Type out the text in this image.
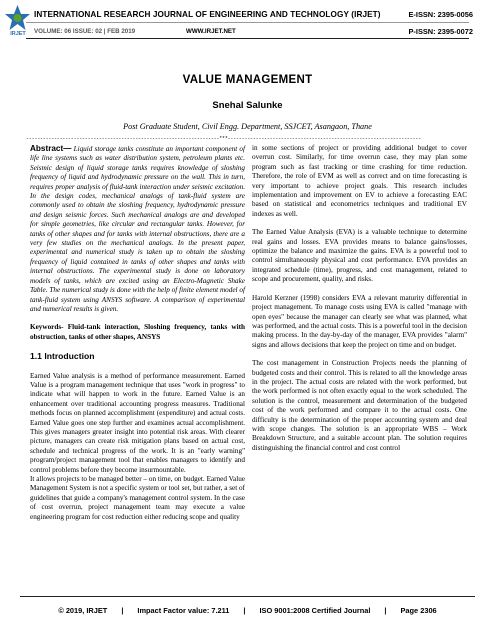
IRJET
INTERNATIONAL RESEARCH JOURNAL OF ENGINEERING AND TECHNOLOGY (IRJET)	E-ISSN: 2395-0056
VOLUME: 06 ISSUE: 02 | FEB 2019	WWW.IRJET.NET	P-ISSN: 2395-0072
VALUE MANAGEMENT
Snehal Salunke
Post Graduate Student, Civil Engg. Department, SSJCET, Asangaon, Thane
---------------------------------------------------------------------***---------------------------------------------------------------------
Abstract— Liquid storage tanks constitute an important component of life line systems such as water distribution system, petroleum plants etc. Seismic design of liquid storage tanks requires knowledge of sloshing frequency of liquid and hydrodynamic pressure on the wall. This in turn, requires proper analysis of fluid-tank interaction under seismic excitation. In the design codes, mechanical analogs of tank-fluid system are commonly used to obtain the sloshing frequency, hydrodynamic pressure and design seismic forces. Such mechanical analogs are and developed for simple geometries, like circular and rectangular tanks. However, for tanks of other shapes and for tanks with internal obstructions, there are a very few studies on the mechanical analogs. In the present paper, experimental and numerical study is taken up to obtain the sloshing frequency of liquid contained in tanks of other shapes and tanks with internal obstructions. The experimental study is done on laboratory models of tanks, which are excited using an Electro-Magnetic Shake Table. The numerical study is done with the help of finite element model of tank-fluid system using ANSYS software. A comparison of experimental and numerical results is given.
Keywords- Fluid-tank interaction, Sloshing frequency, tanks with obstruction, tanks of other shapes, ANSYS
1.1 Introduction

Earned Value analysis is a method of performance measurement. Earned Value is a program management technique that uses "work in progress" to indicate what will happen to work in the future. Earned Value is an enhancement over traditional accounting progress measures. Traditional methods focus on planned accomplishment (expenditure) and actual costs. Earned Value goes one step further and examines actual accomplishment. This gives managers greater insight into potential risk areas. With clearer picture, managers can create risk mitigation plans based on actual cost, schedule and technical progress of the work. It is an "early warning" program/project management tool that enables managers to identify and control problems before they become insurmountable.

It allows projects to be managed better – on time, on budget. Earned Value Management System is not a specific system or tool set, but rather, a set of guidelines that guide a company's management control system. In the case of cost overrun, project management team may execute a value engineering program for cost reduction either reducing scope and quality

in some sections of project or providing additional budget to cover overrun cost. Similarly, for time overrun case, they may plan some program such as fast tracking or time crashing for time reduction. Therefore, the role of EVM as well as correct and on time forecasting is very important to achieve project goals. This research includes implementation and improvement on EV to achieve a forecasting EAC based on statistical and econometrics techniques and traditional EV indexes as well.

The Earned Value Analysis (EVA) is a valuable technique to determine real gains and losses. EVA provides means to balance gains/losses, optimize the balance and maximize the gains. EVA is a powerful tool to control simultaneously physical and cost performance. EVA provides an integrated schedule (time), progress, and cost management, related to scope and procurement, quality, and risks.

Harold Kerzner (1998) considers EVA a relevant maturity differential in project management. To manage costs using EVA is called "manage with open eyes" because the manager can clearly see what was planned, what was performed, and the actual costs. This is a powerful tool in the decision making process. In the day-by-day of the manager, EVA provides "alarm" signs and allows decisions that keep the project on time and on budget.

The cost management in Construction Projects needs the planning of budgeted costs and their control. This is related to all the knowledge areas in the project. The actual costs are related with the work performed, but the work performed is not often exactly equal to the work scheduled. The solution is the control, measurement and determination of the budgeted cost of the work performed and compare it to the actual costs. One difficulty is the determination of the proper accounting system and deal with scope changes. The solution is an appropriate WBS – Work Breakdown Structure, and a suitable account plan. The solution requires distinguishing the financial control and cost control

© 2019, IRJET | Impact Factor value: 7.211 | ISO 9001:2008 Certified Journal | Page 2306
